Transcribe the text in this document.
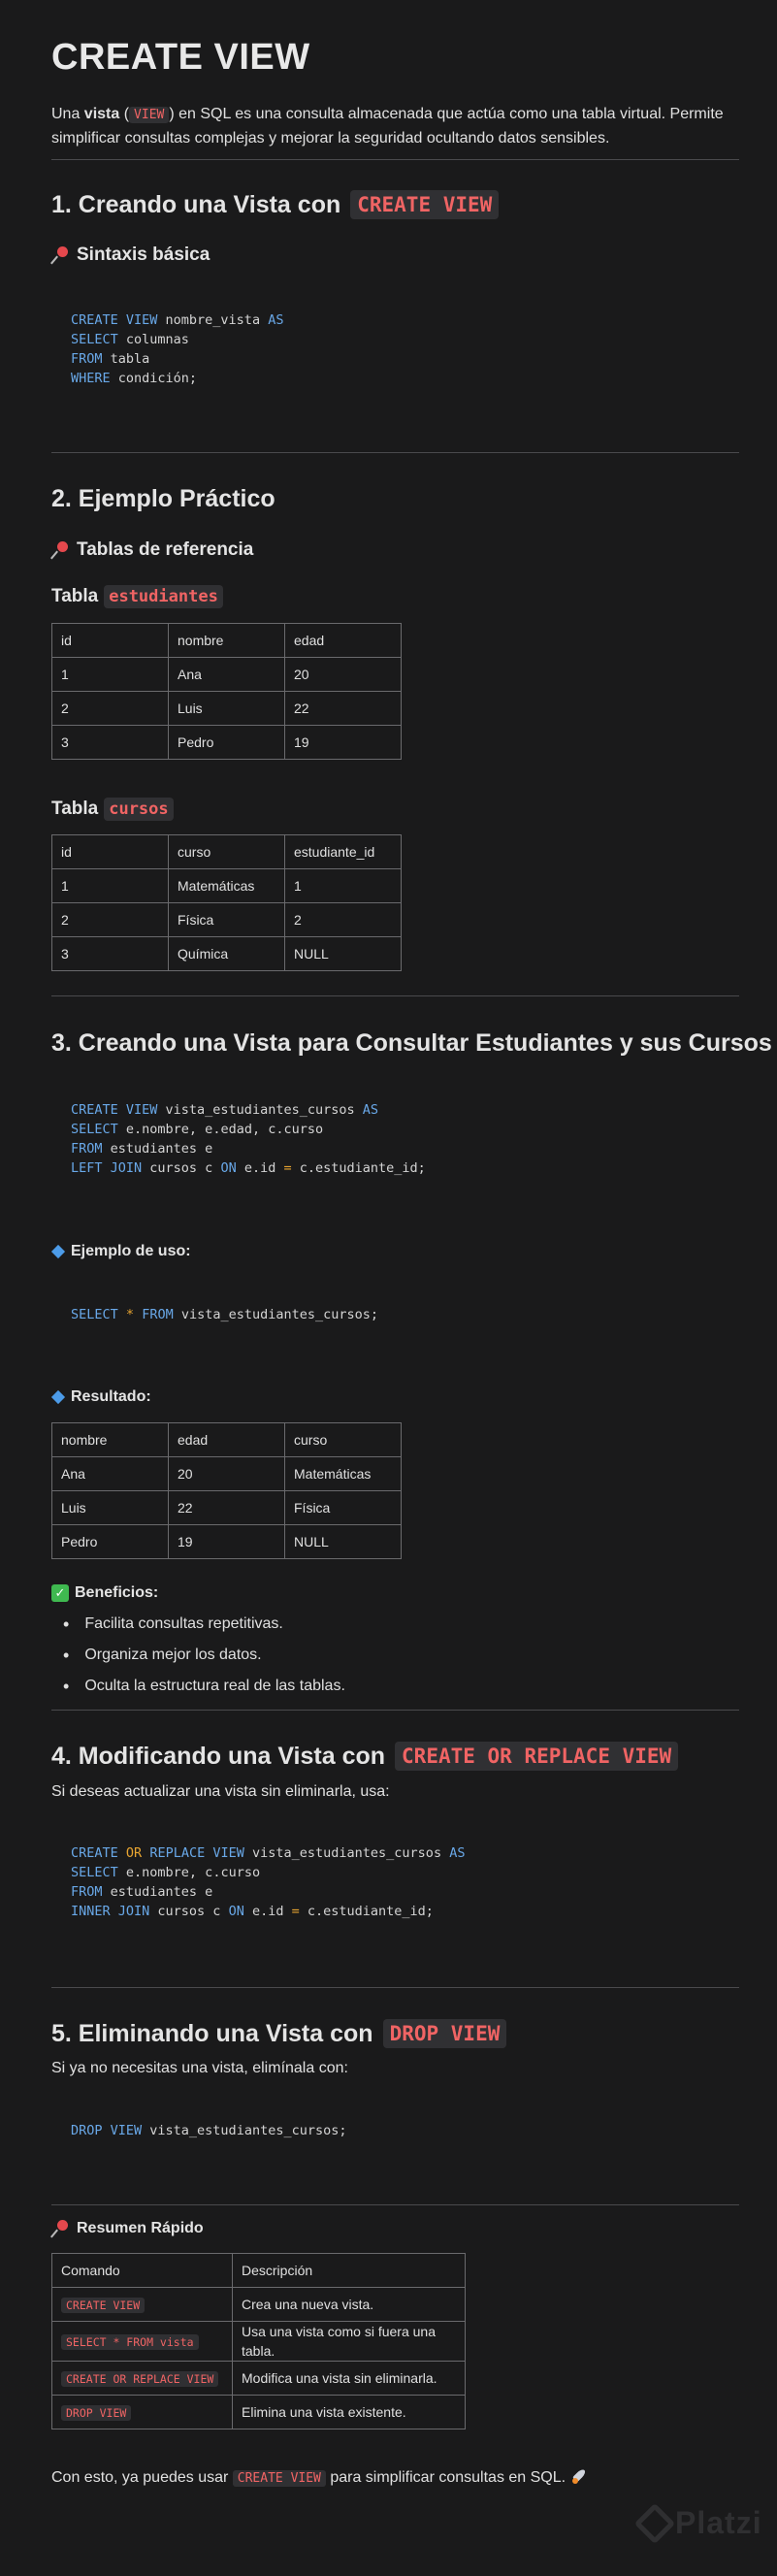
CREATE VIEW

Una vista ( VIEW ) en SQL es una consulta almacenada que actúa como una tabla virtual. Permite simplificar consultas complejas y mejorar la seguridad ocultando datos sensibles.

1. Creando una Vista con CREATE VIEW
Sintaxis básica
CREATE VIEW nombre_vista AS
SELECT columnas
FROM tabla
WHERE condición;
2. Ejemplo Práctico
Tablas de referencia
Tabla estudiantes
id	nombre	edad
1	Ana	20
2	Luis	22
3	Pedro	19
Tabla cursos
id	curso	estudiante_id
1	Matemáticas	1
2	Física	2
3	Química	NULL
3. Creando una Vista para Consultar Estudiantes y sus Cursos
CREATE VIEW vista_estudiantes_cursos AS
SELECT e.nombre, e.edad, c.curso
FROM estudiantes e
LEFT JOIN cursos c ON e.id = c.estudiante_id;
Ejemplo de uso:
SELECT * FROM vista_estudiantes_cursos;
Resultado:
nombre	edad	curso
Ana	20	Matemáticas
Luis	22	Física
Pedro	19	NULL
✓ Beneficios:
• Facilita consultas repetitivas.
• Organiza mejor los datos.
• Oculta la estructura real de las tablas.
4. Modificando una Vista con CREATE OR REPLACE VIEW

Si deseas actualizar una vista sin eliminarla, usa:

CREATE OR REPLACE VIEW vista_estudiantes_cursos AS
SELECT e.nombre, c.curso
FROM estudiantes e
INNER JOIN cursos c ON e.id = c.estudiante_id;
5. Eliminando una Vista con DROP VIEW

Si ya no necesitas una vista, elimínala con:

DROP VIEW vista_estudiantes_cursos;
Resumen Rápido
Comando	Descripción
CREATE VIEW	Crea una nueva vista.
SELECT * FROM vista	Usa una vista como si fuera una tabla.
CREATE OR REPLACE VIEW	Modifica una vista sin eliminarla.
DROP VIEW	Elimina una vista existente.

Con esto, ya puedes usar CREATE VIEW para simplificar consultas en SQL.

Platzi
